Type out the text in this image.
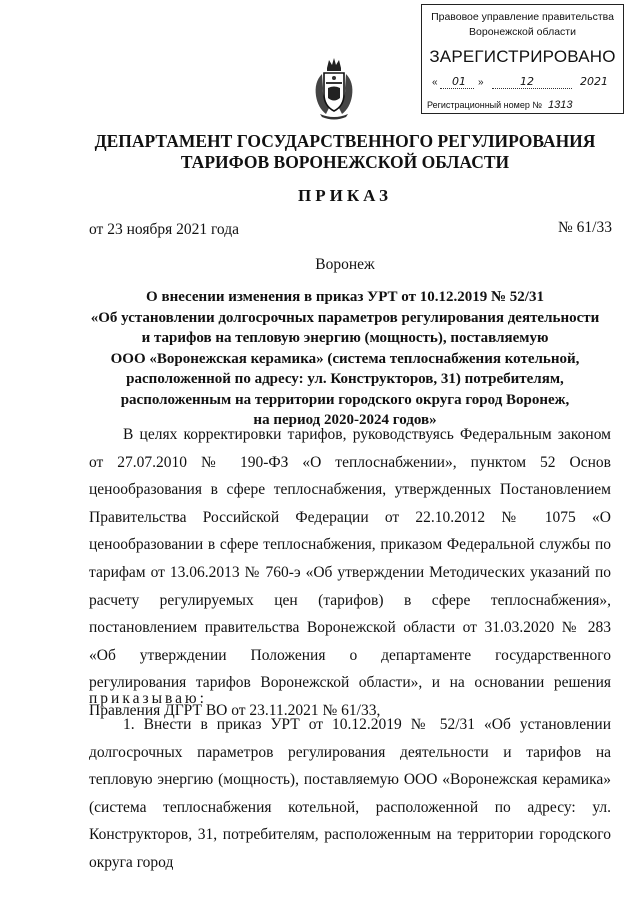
Правовое управление правительства
Воронежской области
ЗАРЕГИСТРИРОВАНО
« 01 »	12	2021
Регистрационный номер № 1313
ДЕПАРТАМЕНТ ГОСУДАРСТВЕННОГО РЕГУЛИРОВАНИЯ
ТАРИФОВ ВОРОНЕЖСКОЙ ОБЛАСТИ
ПРИКАЗ
от 23 ноября 2021 года	№ 61/33
Воронеж
О внесении изменения в приказ УРТ от 10.12.2019 № 52/31
«Об установлении долгосрочных параметров регулирования деятельности
и тарифов на тепловую энергию (мощность), поставляемую
ООО «Воронежская керамика» (система теплоснабжения котельной,
расположенной по адресу: ул. Конструкторов, 31) потребителям,
расположенным на территории городского округа город Воронеж,
на период 2020-2024 годов»
В целях корректировки тарифов, руководствуясь Федеральным законом от 27.07.2010 № 190-ФЗ «О теплоснабжении», пунктом 52 Основ ценообразования в сфере теплоснабжения, утвержденных Постановлением Правительства Российской Федерации от 22.10.2012 № 1075 «О ценообразовании в сфере теплоснабжения, приказом Федеральной службы по тарифам от 13.06.2013 № 760-э «Об утверждении Методических указаний по расчету регулируемых цен (тарифов) в сфере теплоснабжения», постановлением правительства Воронежской области от 31.03.2020 № 283 «Об утверждении Положения о департаменте государственного регулирования тарифов Воронежской области», и на основании решения Правления ДГРТ ВО от 23.11.2021 № 61/33,
приказываю:
1. Внести в приказ УРТ от 10.12.2019 № 52/31 «Об установлении долгосрочных параметров регулирования деятельности и тарифов на тепловую энергию (мощность), поставляемую ООО «Воронежская керамика» (система теплоснабжения котельной, расположенной по адресу: ул. Конструкторов, 31, потребителям, расположенным на территории городского округа город
